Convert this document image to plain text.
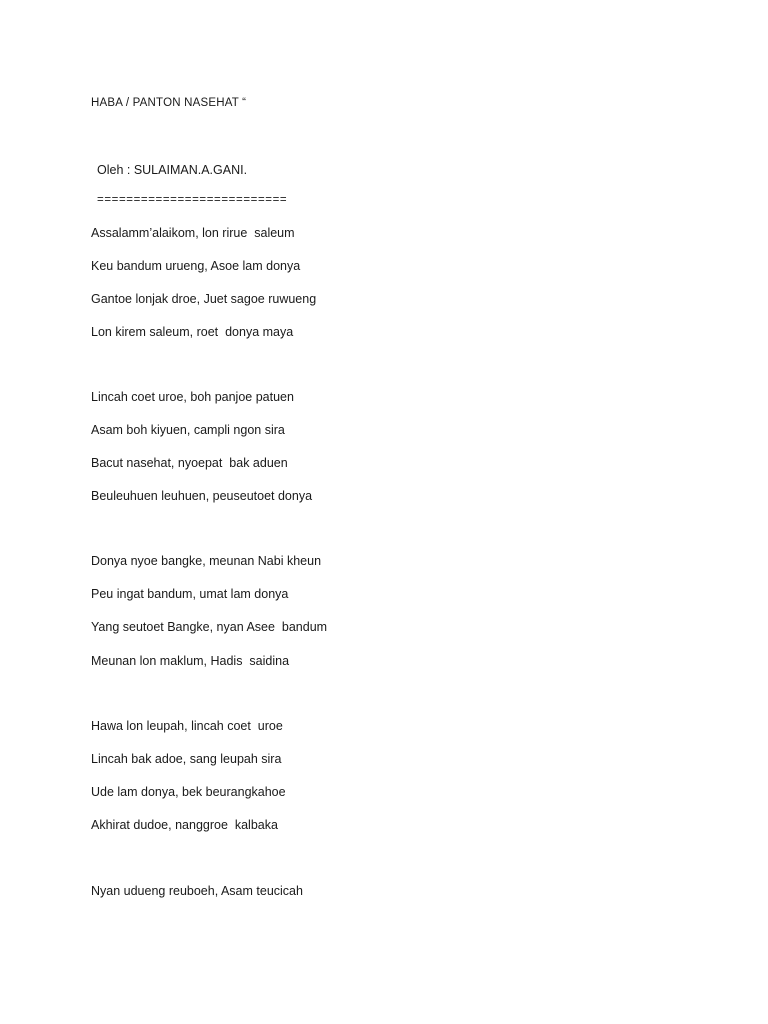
HABA / PANTON NASEHAT “
Oleh : SULAIMAN.A.GANI.
==========================
Assalamm’alaikom, lon rirue  saleum
Keu bandum urueng, Asoe lam donya
Gantoe lonjak droe, Juet sagoe ruwueng
Lon kirem saleum, roet  donya maya
Lincah coet uroe, boh panjoe patuen
Asam boh kiyuen, campli ngon sira
Bacut nasehat, nyoepat  bak aduen
Beuleuhuen leuhuen, peuseutoet donya
Donya nyoe bangke, meunan Nabi kheun
Peu ingat bandum, umat lam donya
Yang seutoet Bangke, nyan Asee  bandum
Meunan lon maklum, Hadis  saidina
Hawa lon leupah, lincah coet  uroe
Lincah bak adoe, sang leupah sira
Ude lam donya, bek beurangkahoe
Akhirat dudoe, nanggroe  kalbaka
Nyan udueng reuboeh, Asam teucicah
